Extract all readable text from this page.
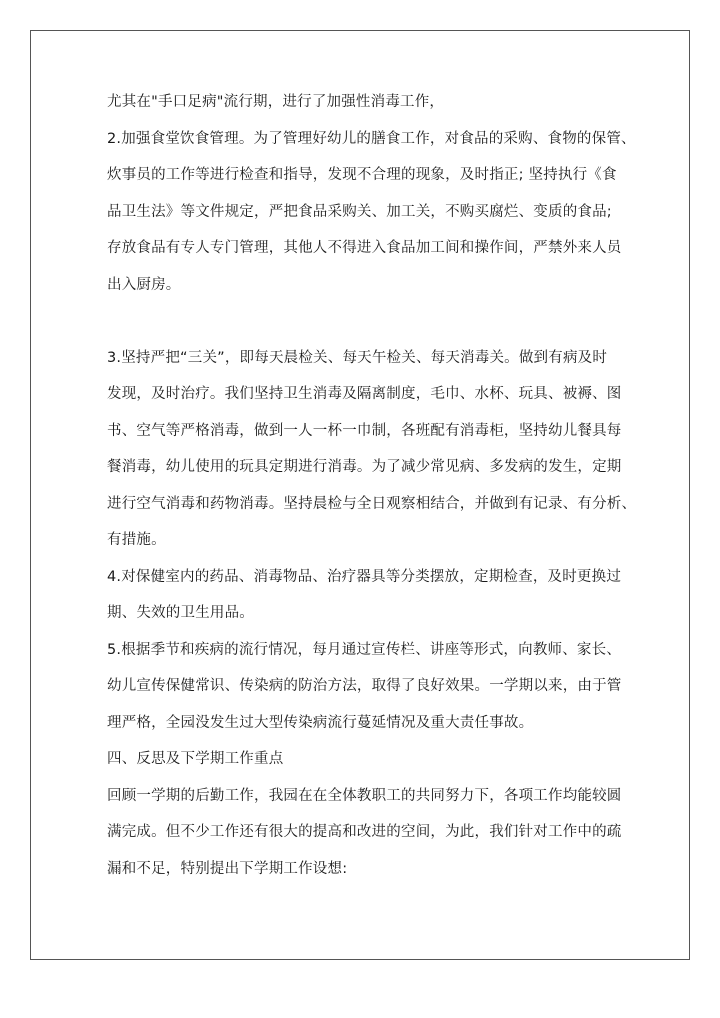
尤其在"手口足病"流行期，进行了加强性消毒工作，
2.加强食堂饮食管理。为了管理好幼儿的膳食工作，对食品的采购、食物的保管、
炊事员的工作等进行检查和指导，发现不合理的现象，及时指正; 坚持执行《食
品卫生法》等文件规定，严把食品采购关、加工关，不购买腐烂、变质的食品;
存放食品有专人专门管理，其他人不得进入食品加工间和操作间，严禁外来人员
出入厨房。
3.坚持严把“三关”，即每天晨检关、每天午检关、每天消毒关。做到有病及时
发现，及时治疗。我们坚持卫生消毒及隔离制度，毛巾、水杯、玩具、被褥、图
书、空气等严格消毒，做到一人一杯一巾制，各班配有消毒柜，坚持幼儿餐具每
餐消毒，幼儿使用的玩具定期进行消毒。为了减少常见病、多发病的发生，定期
进行空气消毒和药物消毒。坚持晨检与全日观察相结合，并做到有记录、有分析、
有措施。
4.对保健室内的药品、消毒物品、治疗器具等分类摆放，定期检查，及时更换过
期、失效的卫生用品。
5.根据季节和疾病的流行情况，每月通过宣传栏、讲座等形式，向教师、家长、
幼儿宣传保健常识、传染病的防治方法，取得了良好效果。一学期以来，由于管
理严格，全园没发生过大型传染病流行蔓延情况及重大责任事故。
四、反思及下学期工作重点
回顾一学期的后勤工作，我园在在全体教职工的共同努力下，各项工作均能较圆
满完成。但不少工作还有很大的提高和改进的空间，为此，我们针对工作中的疏
漏和不足，特别提出下学期工作设想:
